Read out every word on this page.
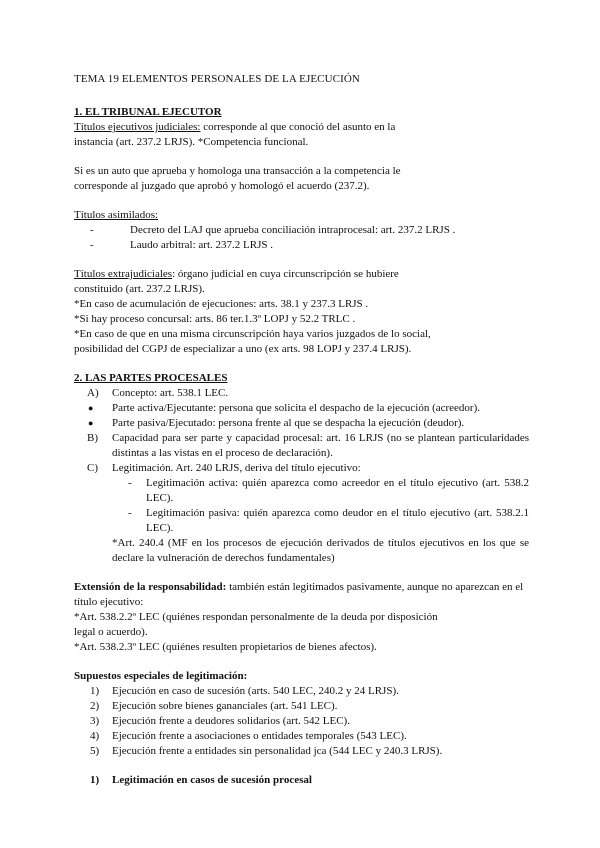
TEMA 19 ELEMENTOS PERSONALES DE LA EJECUCIÓN

1. EL TRIBUNAL EJECUTOR

Títulos ejecutivos judiciales: corresponde al que conoció del asunto en la

instancia (art. 237.2 LRJS). *Competencia funcional.

Si es un auto que aprueba y homologa una transacción a la competencia le

corresponde al juzgado que aprobó y homologó el acuerdo (237.2).

Títulos asimilados:

-	Decreto del LAJ que aprueba conciliación intraprocesal: art. 237.2 LRJS .
-	Laudo arbitral: art. 237.2 LRJS .

Títulos extrajudiciales: órgano judicial en cuya circunscripción se hubiere

constituido (art. 237.2 LRJS).

*En caso de acumulación de ejecuciones: arts. 38.1 y 237.3 LRJS .

*Si hay proceso concursal: arts. 86 ter.1.3º LOPJ y 52.2 TRLC .

*En caso de que en una misma circunscripción haya varios juzgados de lo social,

posibilidad del CGPJ de especializar a uno (ex arts. 98 LOPJ y 237.4 LRJS).

2. LAS PARTES PROCESALES

A)	Concepto: art. 538.1 LEC.
●	Parte activa/Ejecutante: persona que solicita el despacho de la ejecución (acreedor).
●	Parte pasiva/Ejecutado: persona frente al que se despacha la ejecución (deudor).
B)	Capacidad para ser parte y capacidad procesal: art. 16 LRJS (no se plantean particularidades distintas a las vistas en el proceso de declaración).
C)	Legitimación. Art. 240 LRJS, deriva del título ejecutivo:
-	Legitimación activa: quién aparezca como acreedor en el título ejecutivo (art. 538.2 LEC).
-	Legitimación pasiva: quién aparezca como deudor en el título ejecutivo (art. 538.2.1 LEC).

*Art. 240.4 (MF en los procesos de ejecución derivados de títulos ejecutivos en los que se declare la vulneración de derechos fundamentales)

Extensión de la responsabilidad: también están legitimados pasivamente, aunque no aparezcan en el

título ejecutivo:

*Art. 538.2.2º LEC (quiénes respondan personalmente de la deuda por disposición

legal o acuerdo).

*Art. 538.2.3º LEC (quiénes resulten propietarios de bienes afectos).

Supuestos especiales de legitimación:

1)	Ejecución en caso de sucesión (arts. 540 LEC, 240.2 y 24 LRJS).
2)	Ejecución sobre bienes gananciales (art. 541 LEC).
3)	Ejecución frente a deudores solidarios (art. 542 LEC).
4)	Ejecución frente a asociaciones o entidades temporales (543 LEC).
5)	Ejecución frente a entidades sin personalidad jca (544 LEC y 240.3 LRJS).
1)	Legitimación en casos de sucesión procesal
